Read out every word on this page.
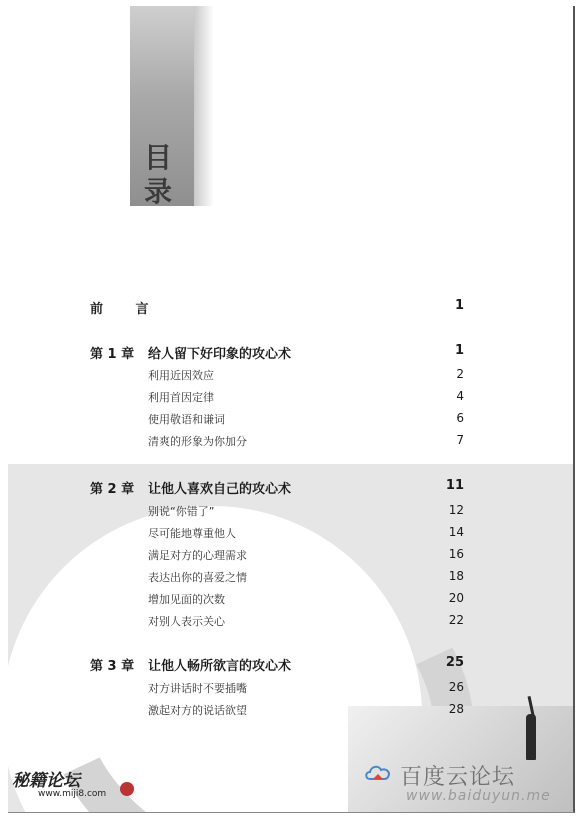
目
录
前 言	1
第 1 章 给人留下好印象的攻心术	1
利用近因效应	2
利用首因定律	4
使用敬语和谦词	6
清爽的形象为你加分	7
第 2 章 让他人喜欢自己的攻心术	11
别说“你错了”	12
尽可能地尊重他人	14
满足对方的心理需求	16
表达出你的喜爱之情	18
增加见面的次数	20
对别人表示关心	22
第 3 章 让他人畅所欲言的攻心术	25
对方讲话时不要插嘴	26
激起对方的说话欲望	28
秘籍论坛
www.miji8.com
百度云论坛
www.baiduyun.me
